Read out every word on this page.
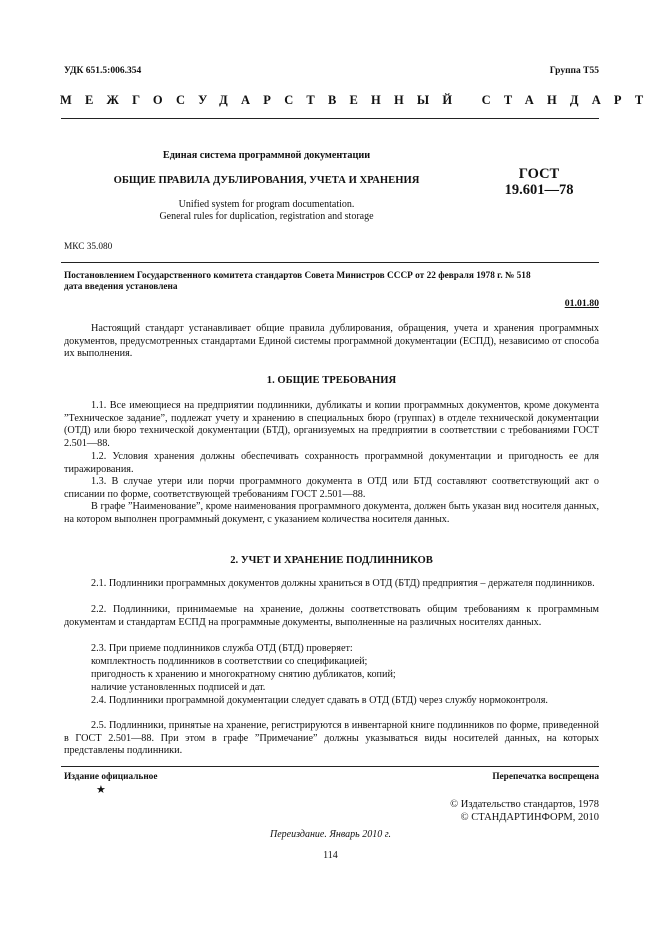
УДК 651.5:006.354	Группа Т55
МЕЖГОСУДАРСТВЕННЫЙ СТАНДАРТ
Единая система программной документации
ОБЩИЕ ПРАВИЛА ДУБЛИРОВАНИЯ, УЧЕТА И ХРАНЕНИЯ
Unified system for program documentation.
General rules for duplication, registration and storage
ГОСТ
19.601—78
МКС 35.080
Постановлением Государственного комитета стандартов Совета Министров СССР от 22 февраля 1978 г. № 518
дата введения установлена
01.01.80
Настоящий стандарт устанавливает общие правила дублирования, обращения, учета и хранения программных документов, предусмотренных стандартами Единой системы программной документации (ЕСПД), независимо от способа их выполнения.
1. ОБЩИЕ ТРЕБОВАНИЯ
1.1. Все имеющиеся на предприятии подлинники, дубликаты и копии программных документов, кроме документа ”Техническое задание”, подлежат учету и хранению в специальных бюро (группах) в отделе технической документации (ОТД) или бюро технической документации (БТД), организуемых на предприятии в соответствии с требованиями ГОСТ 2.501—88.
1.2. Условия хранения должны обеспечивать сохранность программной документации и пригодность ее для тиражирования.
1.3. В случае утери или порчи программного документа в ОТД или БТД составляют соответствующий акт о списании по форме, соответствующей требованиям ГОСТ 2.501—88.
В графе ”Наименование”, кроме наименования программного документа, должен быть указан вид носителя данных, на котором выполнен программный документ, с указанием количества носителя данных.
2. УЧЕТ И ХРАНЕНИЕ ПОДЛИННИКОВ
2.1. Подлинники программных документов должны храниться в ОТД (БТД) предприятия – держателя подлинников.
2.2. Подлинники, принимаемые на хранение, должны соответствовать общим требованиям к программным документам и стандартам ЕСПД на программные документы, выполненные на различных носителях данных.
2.3. При приеме подлинников служба ОТД (БТД) проверяет:
комплектность подлинников в соответствии со спецификацией;
пригодность к хранению и многократному снятию дубликатов, копий;
наличие установленных подписей и дат.
2.4. Подлинники программной документации следует сдавать в ОТД (БТД) через службу нормоконтроля.
2.5. Подлинники, принятые на хранение, регистрируются в инвентарной книге подлинников по форме, приведенной в ГОСТ 2.501—88. При этом в графе ”Примечание” должны указываться виды носителей данных, на которых представлены подлинники.
Издание официальное
★
Перепечатка воспрещена
© Издательство стандартов, 1978
© СТАНДАРТИНФОРМ, 2010
Переиздание. Январь 2010 г.
114
